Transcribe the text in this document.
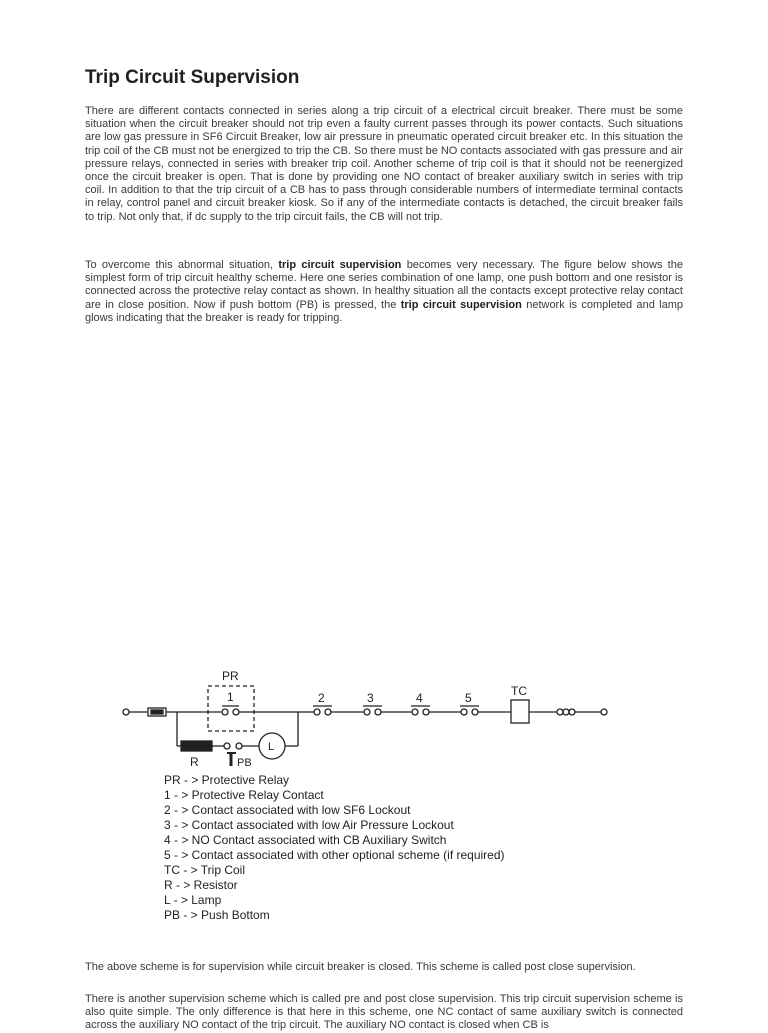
Trip Circuit Supervision

There are different contacts connected in series along a trip circuit of a electrical circuit breaker. There must be some situation when the circuit breaker should not trip even a faulty current passes through its power contacts. Such situations are low gas pressure in SF6 Circuit Breaker, low air pressure in pneumatic operated circuit breaker etc. In this situation the trip coil of the CB must not be energized to trip the CB. So there must be NO contacts associated with gas pressure and air pressure relays, connected in series with breaker trip coil. Another scheme of trip coil is that it should not be reenergized once the circuit breaker is open. That is done by providing one NO contact of breaker auxiliary switch in series with trip coil. In addition to that the trip circuit of a CB has to pass through considerable numbers of intermediate terminal contacts in relay, control panel and circuit breaker kiosk. So if any of the intermediate contacts is detached, the circuit breaker fails to trip. Not only that, if dc supply to the trip circuit fails, the CB will not trip.

To overcome this abnormal situation, trip circuit supervision becomes very necessary. The figure below shows the simplest form of trip circuit healthy scheme. Here one series combination of one lamp, one push bottom and one resistor is connected across the protective relay contact as shown. In healthy situation all the contacts except protective relay contact are in close position. Now if push bottom (PB) is pressed, the trip circuit supervision network is completed and lamp glows indicating that the breaker is ready for tripping.

PR
1	2	3	4	5	TC
R	PB
L
PR - > Protective Relay
1 - > Protective Relay Contact
2 - > Contact associated with low SF6 Lockout
3 - > Contact associated with low Air Pressure Lockout
4 - > NO Contact associated with CB Auxiliary Switch
5 - > Contact associated with other optional scheme (if required)
TC - > Trip Coil
R - > Resistor
L - > Lamp
PB - > Push Bottom

The above scheme is for supervision while circuit breaker is closed. This scheme is called post close supervision.

There is another supervision scheme which is called pre and post close supervision. This trip circuit supervision scheme is also quite simple. The only difference is that here in this scheme, one NC contact of same auxiliary switch is connected across the auxiliary NO contact of the trip circuit. The auxiliary NO contact is closed when CB is
